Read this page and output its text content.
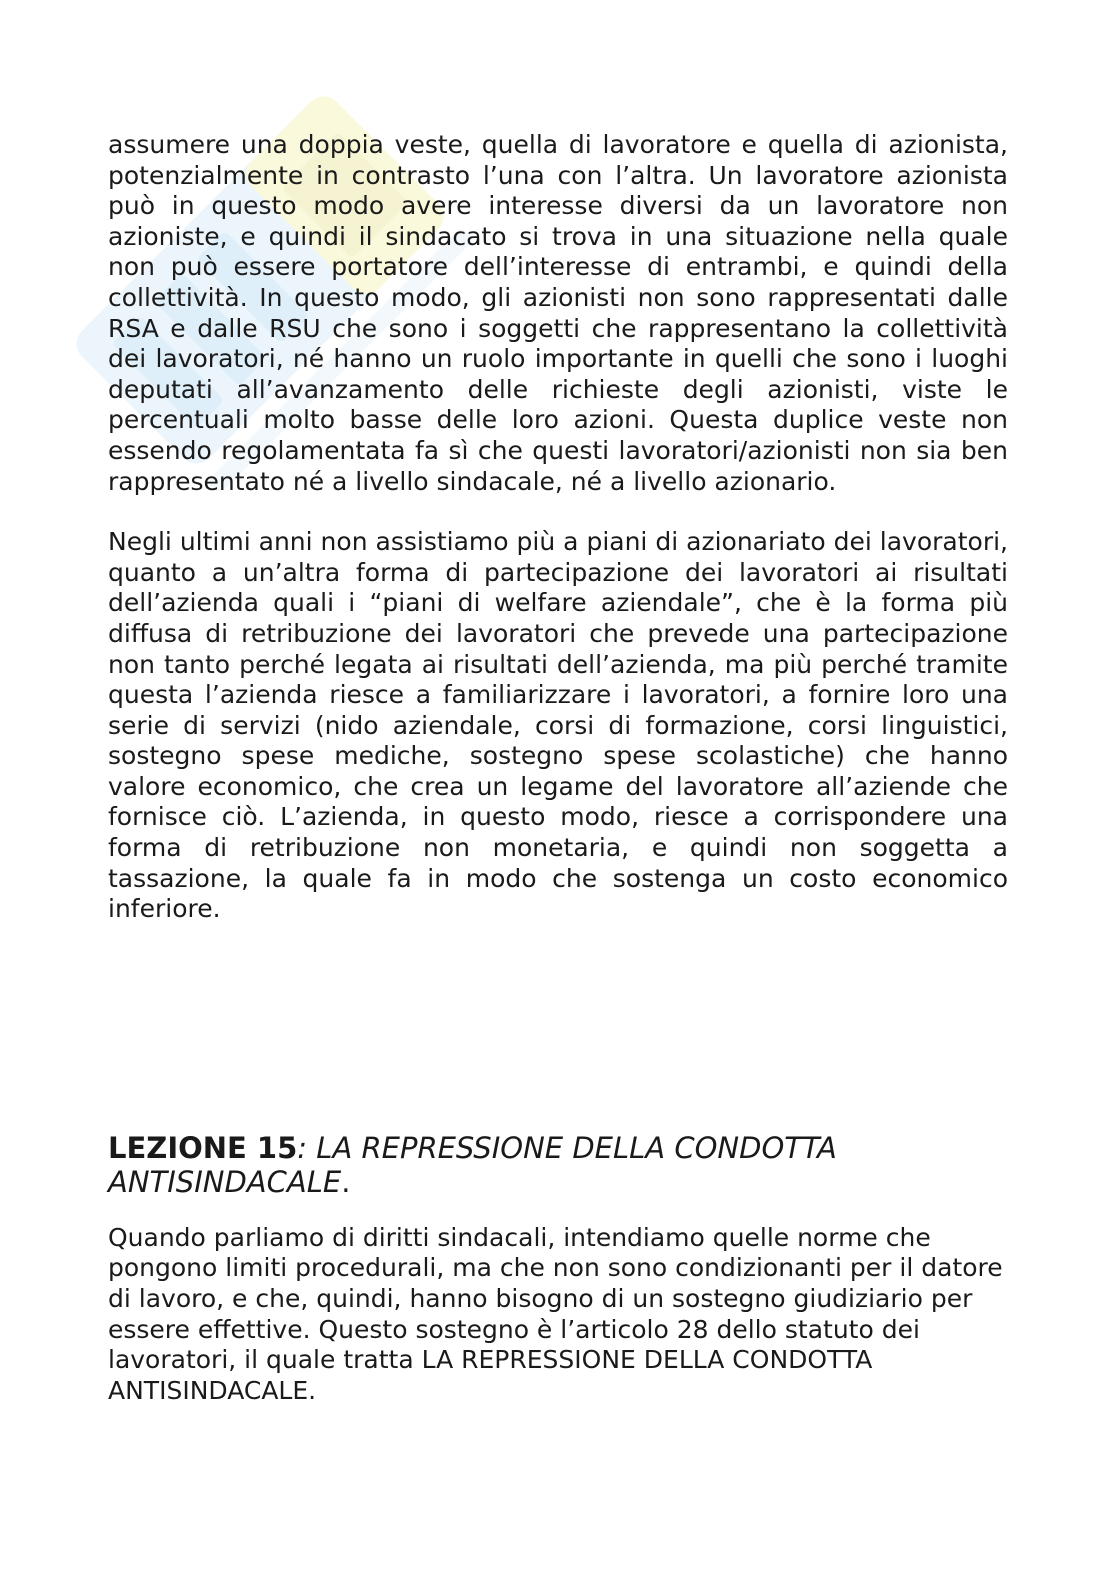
assumere una doppia veste, quella di lavoratore e quella di azionista, potenzialmente in contrasto l’una con l’altra. Un lavoratore azionista può in questo modo avere interesse diversi da un lavoratore non azioniste, e quindi il sindacato si trova in una situazione nella quale non può essere portatore dell’interesse di entrambi, e quindi della collettività. In questo modo, gli azionisti non sono rappresentati dalle RSA e dalle RSU che sono i soggetti che rappresentano la collettività dei lavoratori, né hanno un ruolo importante in quelli che sono i luoghi deputati all’avanzamento delle richieste degli azionisti, viste le percentuali molto basse delle loro azioni. Questa duplice veste non essendo regolamentata fa sì che questi lavoratori/azionisti non sia ben rappresentato né a livello sindacale, né a livello azionario.

Negli ultimi anni non assistiamo più a piani di azionariato dei lavoratori, quanto a un’altra forma di partecipazione dei lavoratori ai risultati dell’azienda quali i “piani di welfare aziendale”, che è la forma più diffusa di retribuzione dei lavoratori che prevede una partecipazione non tanto perché legata ai risultati dell’azienda, ma più perché tramite questa l’azienda riesce a familiarizzare i lavoratori, a fornire loro una serie di servizi (nido aziendale, corsi di formazione, corsi linguistici, sostegno spese mediche, sostegno spese scolastiche) che hanno valore economico, che crea un legame del lavoratore all’aziende che fornisce ciò. L’azienda, in questo modo, riesce a corrispondere una forma di retribuzione non monetaria, e quindi non soggetta a tassazione, la quale fa in modo che sostenga un costo economico inferiore.

LEZIONE 15: LA REPRESSIONE DELLA CONDOTTA ANTISINDACALE.

Quando parliamo di diritti sindacali, intendiamo quelle norme che pongono limiti procedurali, ma che non sono condizionanti per il datore di lavoro, e che, quindi, hanno bisogno di un sostegno giudiziario per essere effettive. Questo sostegno è l’articolo 28 dello statuto dei lavoratori, il quale tratta LA REPRESSIONE DELLA CONDOTTA ANTISINDACALE.
